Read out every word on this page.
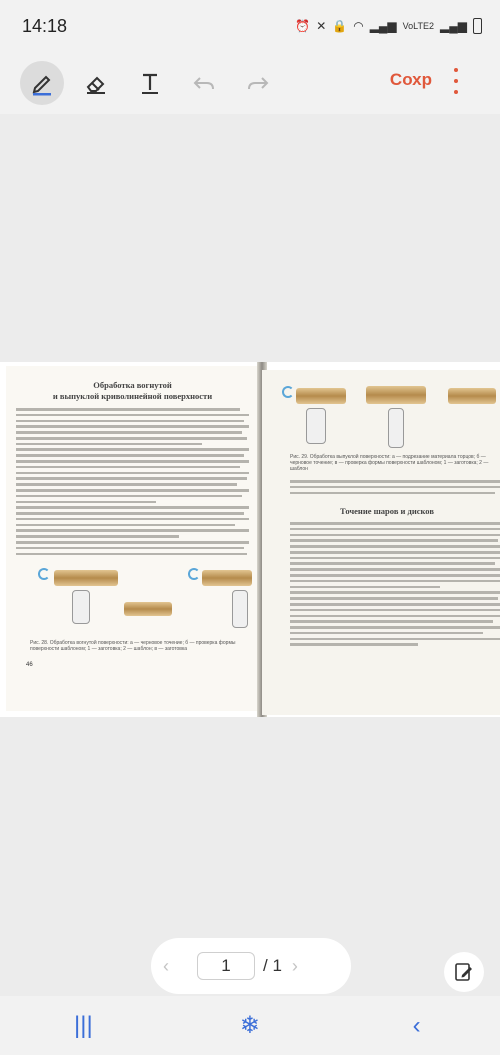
14:18	⏰ ✕ 🔒 ◠ ▂▄▆ VoLTE2 ▂▄▆
Сохр
Обработка вогнутой
и выпуклой криволинейной поверхности
Рис. 28. Обработка вогнутой поверхности: а — черновое точение; б — проверка формы поверхности шаблоном; 1 — заготовка; 2 — шаблон; в — заготовка
46
Рис. 29. Обработка выпуклой поверхности: а — подрезание материала торцов; б — черновое точение; в — проверка формы поверхности шаблоном; 1 — заготовка; 2 — шаблон
Точение шаров и дисков
‹	1	/ 1 ›
|||	❄	‹
